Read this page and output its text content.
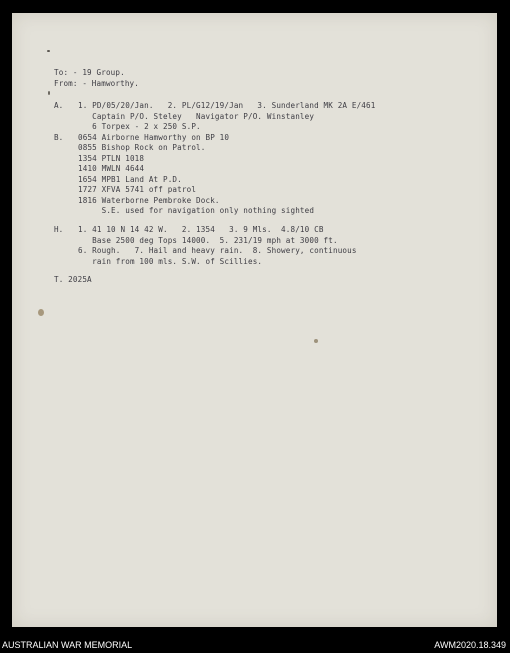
To: - 19 Group.
From: - Hamworthy.
A. 1. PD/05/20/Jan.   2. PL/G12/19/Jan   3. Sunderland MK 2A E/461
Captain P/O. Steley   Navigator P/O. Winstanley
6 Torpex - 2 x 250 S.P.
B. 0654 Airborne Hamworthy on BP 10
0855 Bishop Rock on Patrol.
1354 PTLN 1018
1410 MWLN 4644
1654 MPB1 Land At P.D.
1727 XFVA 5741 off patrol
1816 Waterborne Pembroke Dock.
S.E. used for navigation only nothing sighted
H. 1. 41 10 N 14 42 W.   2. 1354   3. 9 Mls.  4.8/10 CB
Base 2500 deg Tops 14000.  5. 231/19 mph at 3000 ft.
6. Rough.   7. Hail and heavy rain.  8. Showery, continuous
rain from 100 mls. S.W. of Scillies.
T. 2025A
AUSTRALIAN WAR MEMORIAL	AWM2020.18.349
